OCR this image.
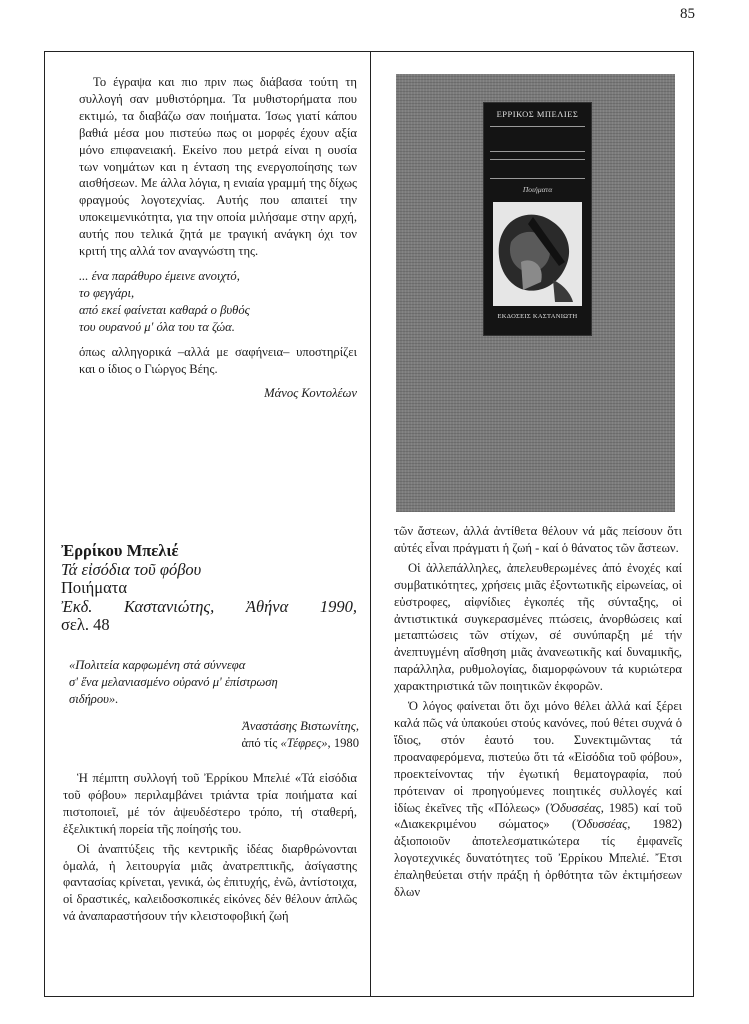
85

Το έγραψα και πιο πριν πως διάβασα τούτη τη συλλογή σαν μυθιστόρημα. Τα μυθιστορήματα που εκτιμώ, τα διαβάζω σαν ποιήματα. Ίσως γιατί κάπου βαθιά μέσα μου πιστεύω πως οι μορφές έχουν αξία μόνο επιφανειακή. Εκείνο που μετρά είναι η ουσία των νοημάτων και η ένταση της ενεργοποίησης των αισθήσεων. Με άλλα λόγια, η ενιαία γραμμή της δίχως φραγμούς λογοτεχνίας. Αυτής που απαιτεί την υποκειμενικότητα, για την οποία μιλήσαμε στην αρχή, αυτής που τελικά ζητά με τραγική ανάγκη όχι τον κριτή της αλλά τον αναγνώστη της.

... ένα παράθυρο έμεινε ανοιχτό,
το φεγγάρι,
από εκεί φαίνεται καθαρά ο βυθός
του ουρανού μ' όλα του τα ζώα.

όπως αλληγορικά –αλλά με σαφήνεια– υποστηρίζει και ο ίδιος ο Γιώργος Βέης.

Μάνος Κοντολέων

ΕΡΡΙΚΟΣ ΜΠΕΛΙΕΣ
Ποιήματα
ΕΚΔΟΣΕΙΣ ΚΑΣΤΑΝΙΩΤΗ
Ἐρρίκου Μπελιέ
Τά εἰσόδια τοῦ φόβου
Ποιήματα
Ἐκδ. Καστανιώτης, Ἀθήνα 1990,
σελ. 48
«Πολιτεία καρφωμένη στά σύννεφα
σ' ἕνα μελανιασμένο οὐρανό μ' ἐπίστρωση
σιδήρου».
Ἀναστάσης Βιστωνίτης,
ἀπό τίς «Τέφρες», 1980

Ἡ πέμπτη συλλογή τοῦ Ἐρρίκου Μπελιέ «Τά εἰσόδια τοῦ φόβου» περιλαμβάνει τριάντα τρία ποιήματα καί πιστοποιεῖ, μέ τόν ἀψευδέστερο τρόπο, τή σταθερή, ἐξελικτική πορεία τῆς ποίησής του.

Οἱ ἀναπτύξεις τῆς κεντρικῆς ἰδέας διαρθρώνονται ὁμαλά, ἡ λειτουργία μιᾶς ἀνατρεπτικῆς, ἀσίγαστης φαντασίας κρίνεται, γενικά, ὡς ἐπιτυχής, ἐνῶ, ἀντίστοιχα, οἱ δραστικές, καλειδοσκοπικές εἰκόνες δέν θέλουν ἁπλῶς νά ἀναπαραστήσουν τήν κλειστοφοβική ζωή

τῶν ἄστεων, ἀλλά ἀντίθετα θέλουν νά μᾶς πείσουν ὅτι αὐτές εἶναι πράγματι ἡ ζωή - καί ὁ θάνατος τῶν ἄστεων.

Οἱ ἀλλεπάλληλες, ἀπελευθερωμένες ἀπό ἐνοχές καί συμβατικότητες, χρήσεις μιᾶς ἐξοντωτικῆς εἰρωνείας, οἱ εὐστροφες, αἰφνίδιες ἐγκοπές τῆς σύνταξης, οἱ ἀντιστικτικά συγκερασμένες πτώσεις, ἀνορθώσεις καί μεταπτώσεις τῶν στίχων, σέ συνύπαρξη μέ τήν ἀνεπτυγμένη αἴσθηση μιᾶς ἀνανεωτικῆς καί δυναμικῆς, παράλληλα, ρυθμολογίας, διαμορφώνουν τά κυριώτερα χαρακτηριστικά τῶν ποιητικῶν ἐκφορῶν.

Ὁ λόγος φαίνεται ὅτι ὄχι μόνο θέλει ἀλλά καί ξέρει καλά πῶς νά ὑπακούει στούς κανόνες, πού θέτει συχνά ὁ ἴδιος, στόν ἑαυτό του. Συνεκτιμῶντας τά προαναφερόμενα, πιστεύω ὅτι τά «Εἰσόδια τοῦ φόβου», προεκτείνοντας τήν ἐγωτική θεματογραφία, πού πρότειναν οἱ προηγούμενες ποιητικές συλλογές καί ἰδίως ἐκεῖνες τῆς «Πόλεως» (Ὀδυσσέας, 1985) καί τοῦ «Διακεκριμένου σώματος» (Ὀδυσσέας, 1982) ἀξιοποιοῦν ἀποτελεσματικώτερα τίς ἐμφανεῖς λογοτεχνικές δυνατότητες τοῦ Ἐρρίκου Μπελιέ. Ἔτσι ἐπαληθεύεται στήν πράξη ἡ ὀρθότητα τῶν ἐκτιμήσεων δλων
